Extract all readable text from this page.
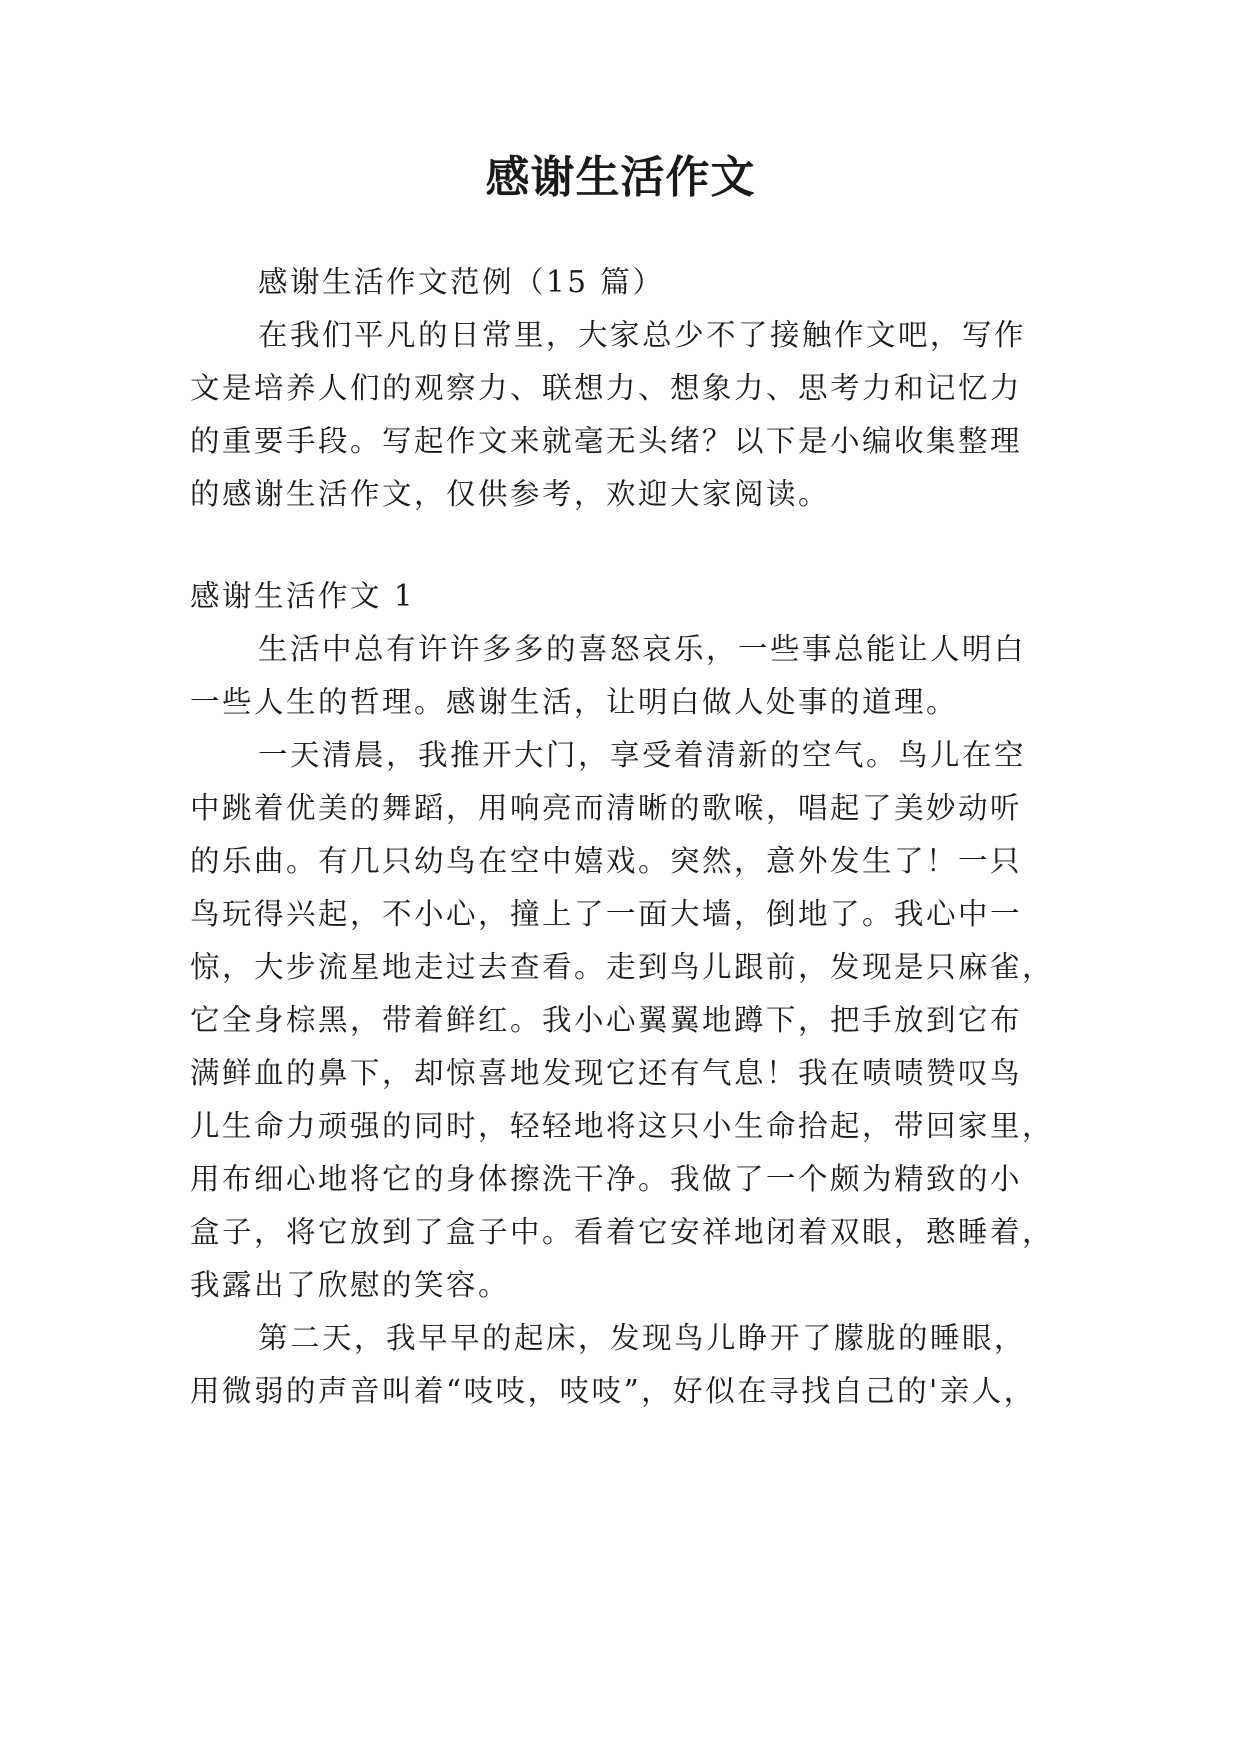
感谢生活作文
感谢生活作文范例（15 篇）
在我们平凡的日常里，大家总少不了接触作文吧，写作
文是培养人们的观察力、联想力、想象力、思考力和记忆力
的重要手段。写起作文来就毫无头绪？以下是小编收集整理
的感谢生活作文，仅供参考，欢迎大家阅读。
感谢生活作文 1
生活中总有许许多多的喜怒哀乐，一些事总能让人明白
一些人生的哲理。感谢生活，让明白做人处事的道理。
一天清晨，我推开大门，享受着清新的空气。鸟儿在空
中跳着优美的舞蹈，用响亮而清晰的歌喉，唱起了美妙动听
的乐曲。有几只幼鸟在空中嬉戏。突然，意外发生了！一只
鸟玩得兴起，不小心，撞上了一面大墙，倒地了。我心中一
惊，大步流星地走过去查看。走到鸟儿跟前，发现是只麻雀，
它全身棕黑，带着鲜红。我小心翼翼地蹲下，把手放到它布
满鲜血的鼻下，却惊喜地发现它还有气息！我在啧啧赞叹鸟
儿生命力顽强的同时，轻轻地将这只小生命拾起，带回家里，
用布细心地将它的身体擦洗干净。我做了一个颇为精致的小
盒子，将它放到了盒子中。看着它安祥地闭着双眼，憨睡着，
我露出了欣慰的笑容。
第二天，我早早的起床，发现鸟儿睁开了朦胧的睡眼，
用微弱的声音叫着“吱吱，吱吱”，好似在寻找自己的'亲人，
